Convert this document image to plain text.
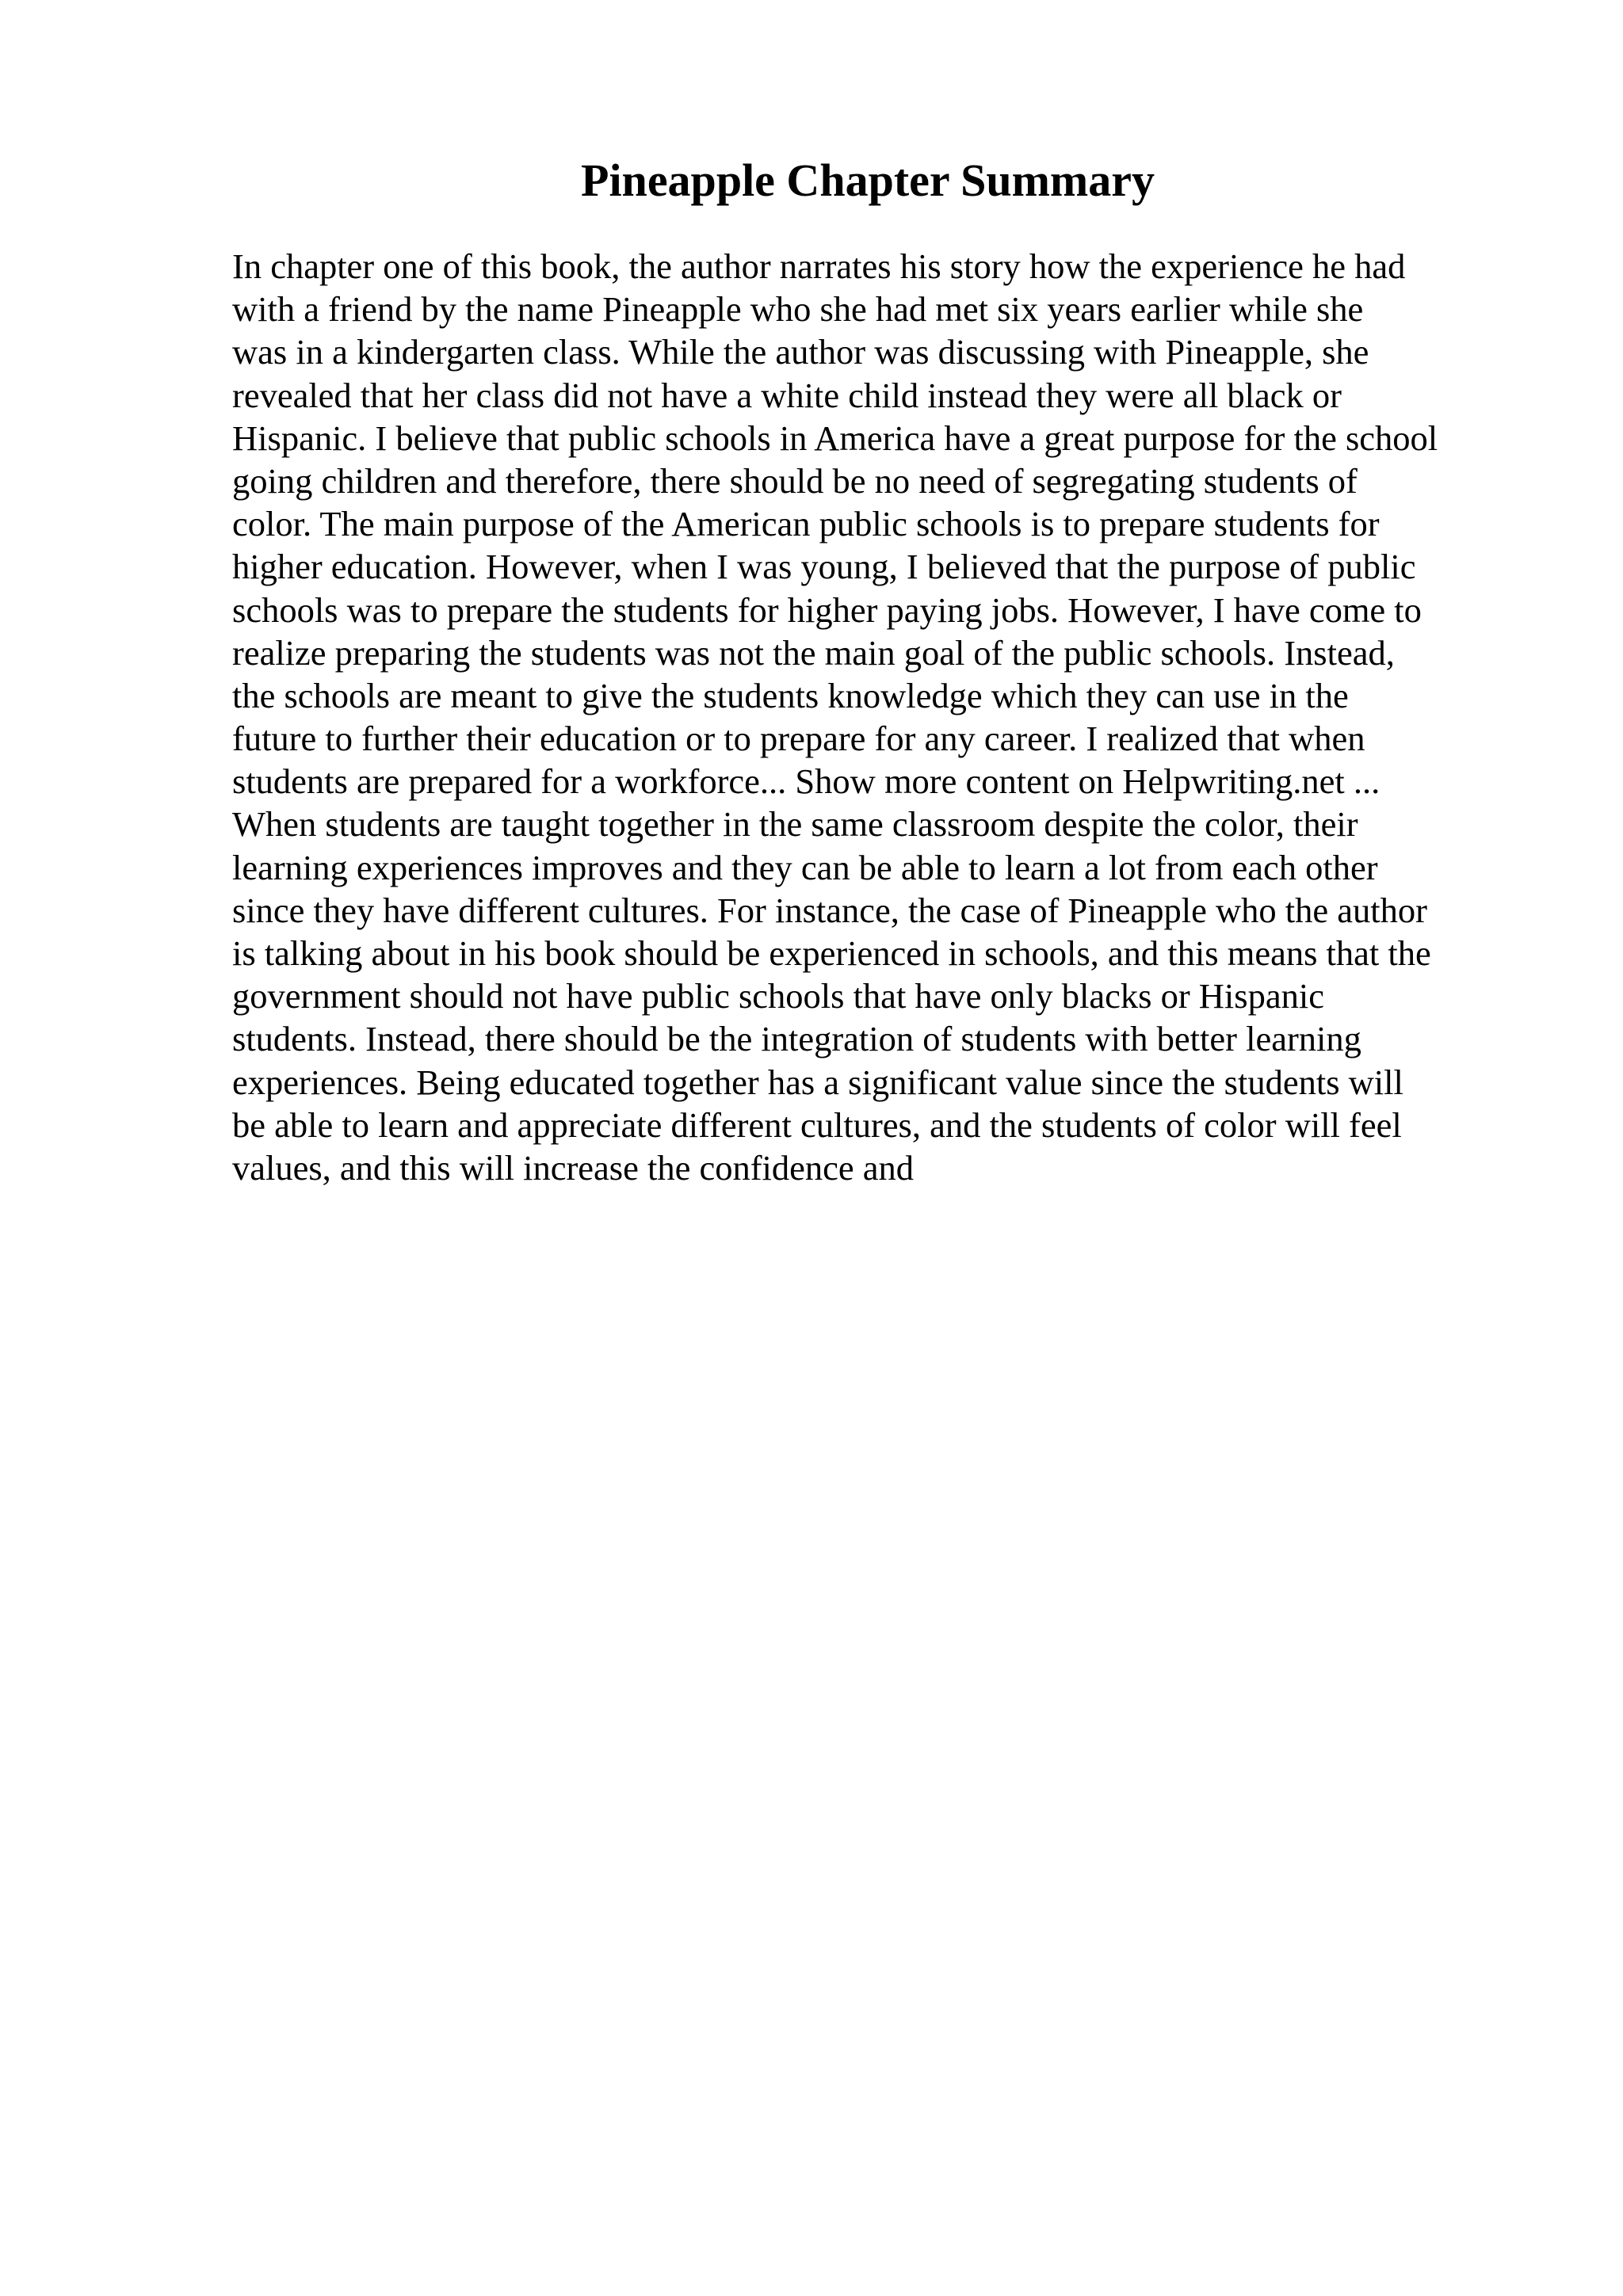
Pineapple Chapter Summary
In chapter one of this book, the author narrates his story how the experience he had
with a friend by the name Pineapple who she had met six years earlier while she
was in a kindergarten class. While the author was discussing with Pineapple, she
revealed that her class did not have a white child instead they were all black or
Hispanic. I believe that public schools in America have a great purpose for the school
going children and therefore, there should be no need of segregating students of
color. The main purpose of the American public schools is to prepare students for
higher education. However, when I was young, I believed that the purpose of public
schools was to prepare the students for higher paying jobs. However, I have come to
realize preparing the students was not the main goal of the public schools. Instead,
the schools are meant to give the students knowledge which they can use in the
future to further their education or to prepare for any career. I realized that when
students are prepared for a workforce... Show more content on Helpwriting.net ...
When students are taught together in the same classroom despite the color, their
learning experiences improves and they can be able to learn a lot from each other
since they have different cultures. For instance, the case of Pineapple who the author
is talking about in his book should be experienced in schools, and this means that the
government should not have public schools that have only blacks or Hispanic
students. Instead, there should be the integration of students with better learning
experiences. Being educated together has a significant value since the students will
be able to learn and appreciate different cultures, and the students of color will feel
values, and this will increase the confidence and
